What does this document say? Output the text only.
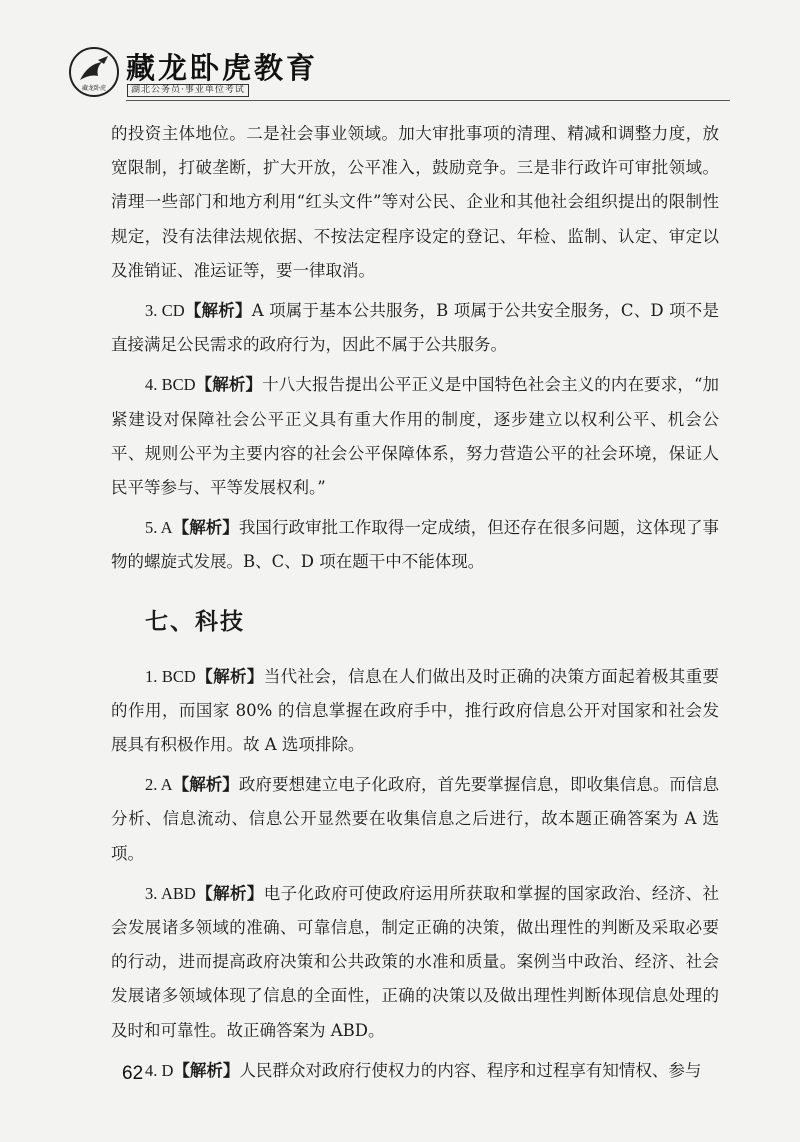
藏龙卧虎
藏龙卧虎教育
湖北公务员·事业单位考试

的投资主体地位。二是社会事业领域。加大审批事项的清理、精减和调整力度，放宽限制，打破垄断，扩大开放，公平准入，鼓励竞争。三是非行政许可审批领域。清理一些部门和地方利用“红头文件”等对公民、企业和其他社会组织提出的限制性规定，没有法律法规依据、不按法定程序设定的登记、年检、监制、认定、审定以及准销证、准运证等，要一律取消。

3. CD【解析】A 项属于基本公共服务，B 项属于公共安全服务，C、D 项不是直接满足公民需求的政府行为，因此不属于公共服务。

4. BCD【解析】十八大报告提出公平正义是中国特色社会主义的内在要求，“加紧建设对保障社会公平正义具有重大作用的制度，逐步建立以权利公平、机会公平、规则公平为主要内容的社会公平保障体系，努力营造公平的社会环境，保证人民平等参与、平等发展权利。”

5. A【解析】我国行政审批工作取得一定成绩，但还存在很多问题，这体现了事物的螺旋式发展。B、C、D 项在题干中不能体现。

七、科技

1. BCD【解析】当代社会，信息在人们做出及时正确的决策方面起着极其重要的作用，而国家 80% 的信息掌握在政府手中，推行政府信息公开对国家和社会发展具有积极作用。故 A 选项排除。

2. A【解析】政府要想建立电子化政府，首先要掌握信息，即收集信息。而信息分析、信息流动、信息公开显然要在收集信息之后进行，故本题正确答案为 A 选项。

3. ABD【解析】电子化政府可使政府运用所获取和掌握的国家政治、经济、社会发展诸多领域的准确、可靠信息，制定正确的决策，做出理性的判断及采取必要的行动，进而提高政府决策和公共政策的水准和质量。案例当中政治、经济、社会发展诸多领域体现了信息的全面性，正确的决策以及做出理性判断体现信息处理的及时和可靠性。故正确答案为 ABD。

4. D【解析】人民群众对政府行使权力的内容、程序和过程享有知情权、参与

62
